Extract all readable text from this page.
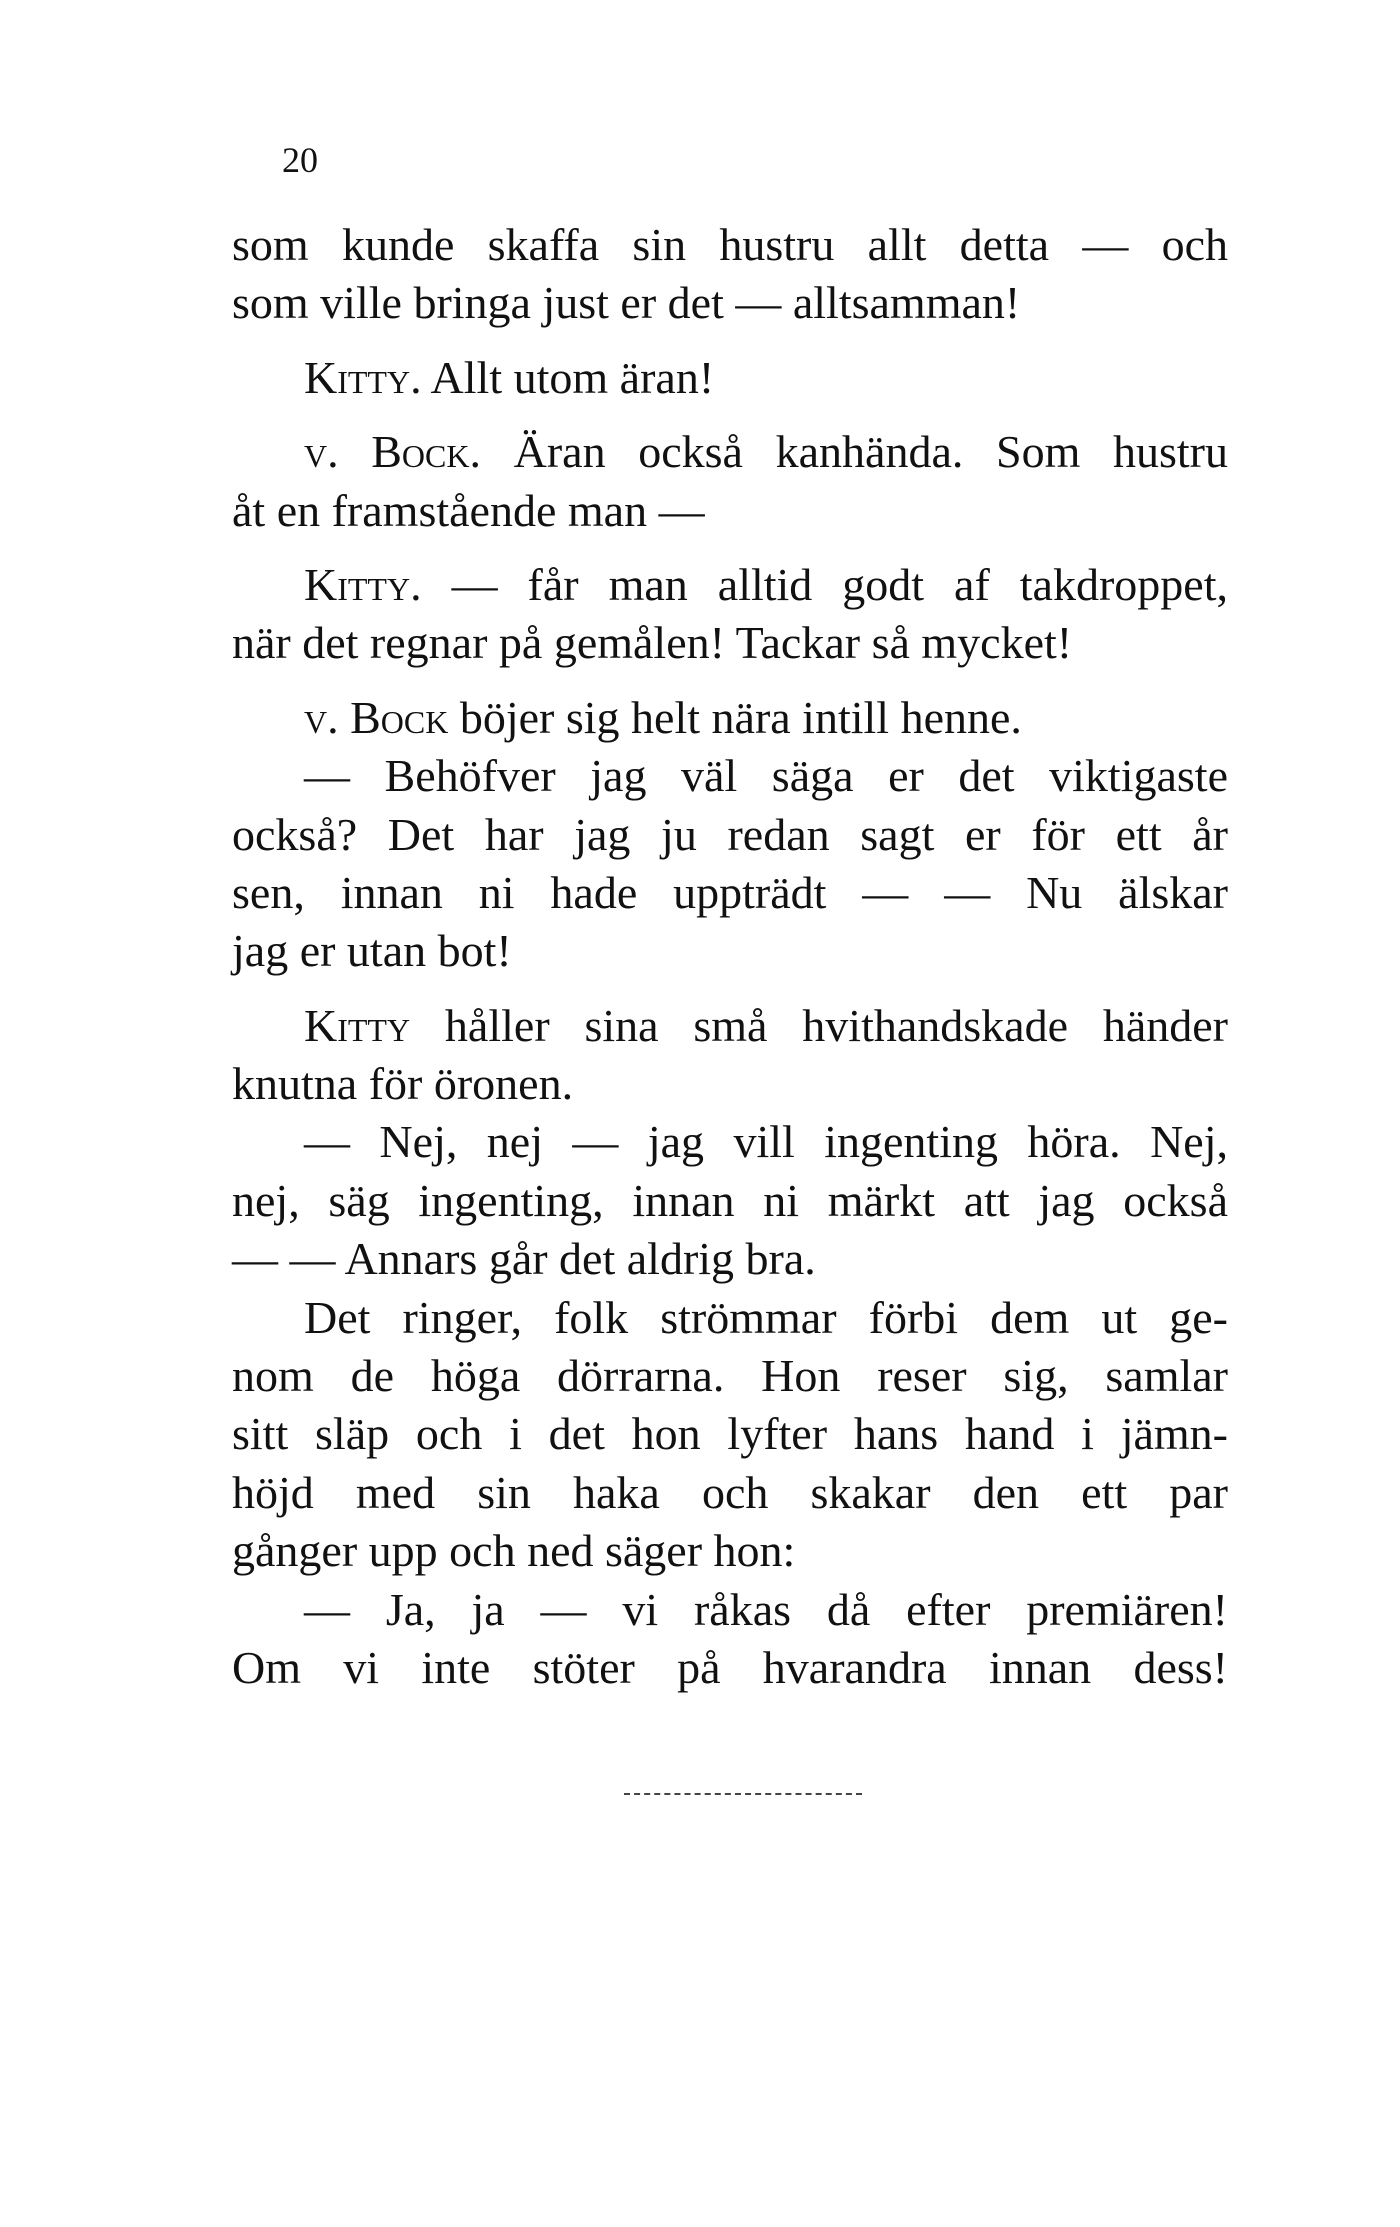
20
som kunde skaffa sin hustru allt detta — och
som ville bringa just er det — alltsamman!
Kitty. Allt utom äran!
v. Bock. Äran också kanhända. Som hustru
åt en framstående man —
Kitty. — får man alltid godt af takdroppet,
när det regnar på gemålen! Tackar så mycket!
v. Bock böjer sig helt nära intill henne.
— Behöfver jag väl säga er det viktigaste
också? Det har jag ju redan sagt er för ett år
sen, innan ni hade uppträdt — — Nu älskar
jag er utan bot!
Kitty håller sina små hvithandskade händer
knutna för öronen.
— Nej, nej — jag vill ingenting höra. Nej,
nej, säg ingenting, innan ni märkt att jag också
— — Annars går det aldrig bra.
Det ringer, folk strömmar förbi dem ut ge-
nom de höga dörrarna. Hon reser sig, samlar
sitt släp och i det hon lyfter hans hand i jämn-
höjd med sin haka och skakar den ett par
gånger upp och ned säger hon:
— Ja, ja — vi råkas då efter premiären!
Om vi inte stöter på hvarandra innan dess!
